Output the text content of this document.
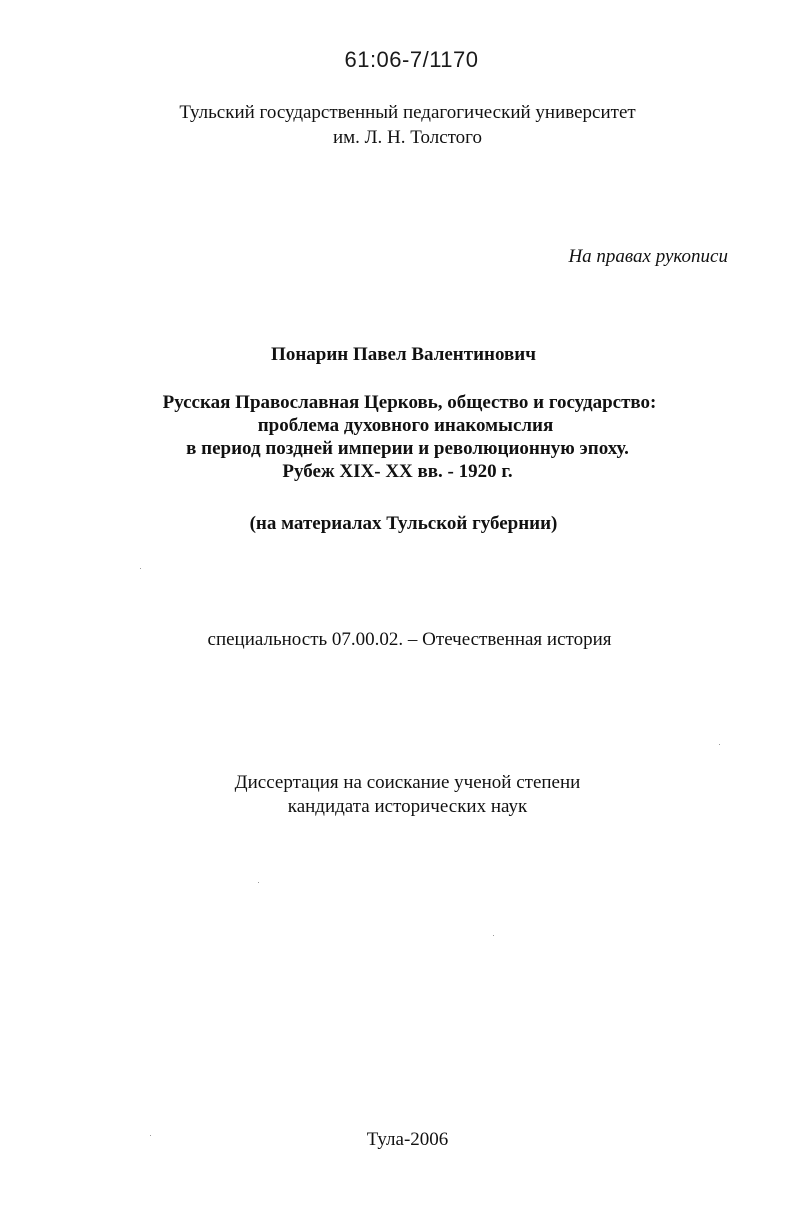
61:06-7/1170

Тульский государственный педагогический университет

им. Л. Н. Толстого

На правах рукописи

Понарин Павел Валентинович

Русская Православная Церковь, общество и государство:

проблема духовного инакомыслия

в период поздней империи и революционную эпоху.

Рубеж XIX- XX вв. - 1920 г.

(на материалах Тульской губернии)

специальность 07.00.02. – Отечественная история

Диссертация на соискание ученой степени

кандидата исторических наук

Тула-2006
